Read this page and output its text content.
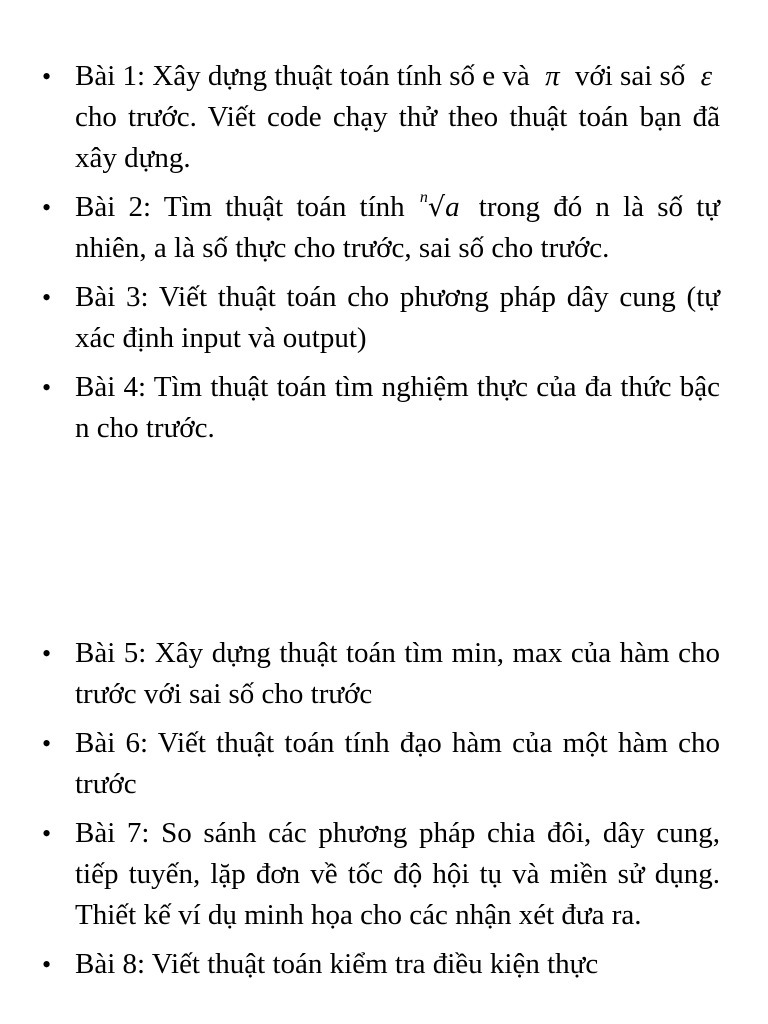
• Bài 1: Xây dựng thuật toán tính số e và π với sai số ε cho trước. Viết code chạy thử theo thuật toán bạn đã xây dựng.
• Bài 2: Tìm thuật toán tính n √a trong đó n là số tự nhiên, a là số thực cho trước, sai số cho trước.
• Bài 3: Viết thuật toán cho phương pháp dây cung (tự xác định input và output)
• Bài 4: Tìm thuật toán tìm nghiệm thực của đa thức bậc n cho trước.
• Bài 5: Xây dựng thuật toán tìm min, max của hàm cho trước với sai số cho trước
• Bài 6: Viết thuật toán tính đạo hàm của một hàm cho trước
• Bài 7: So sánh các phương pháp chia đôi, dây cung, tiếp tuyến, lặp đơn về tốc độ hội tụ và miền sử dụng. Thiết kế ví dụ minh họa cho các nhận xét đưa ra.
• Bài 8: Viết thuật toán kiểm tra điều kiện thực
